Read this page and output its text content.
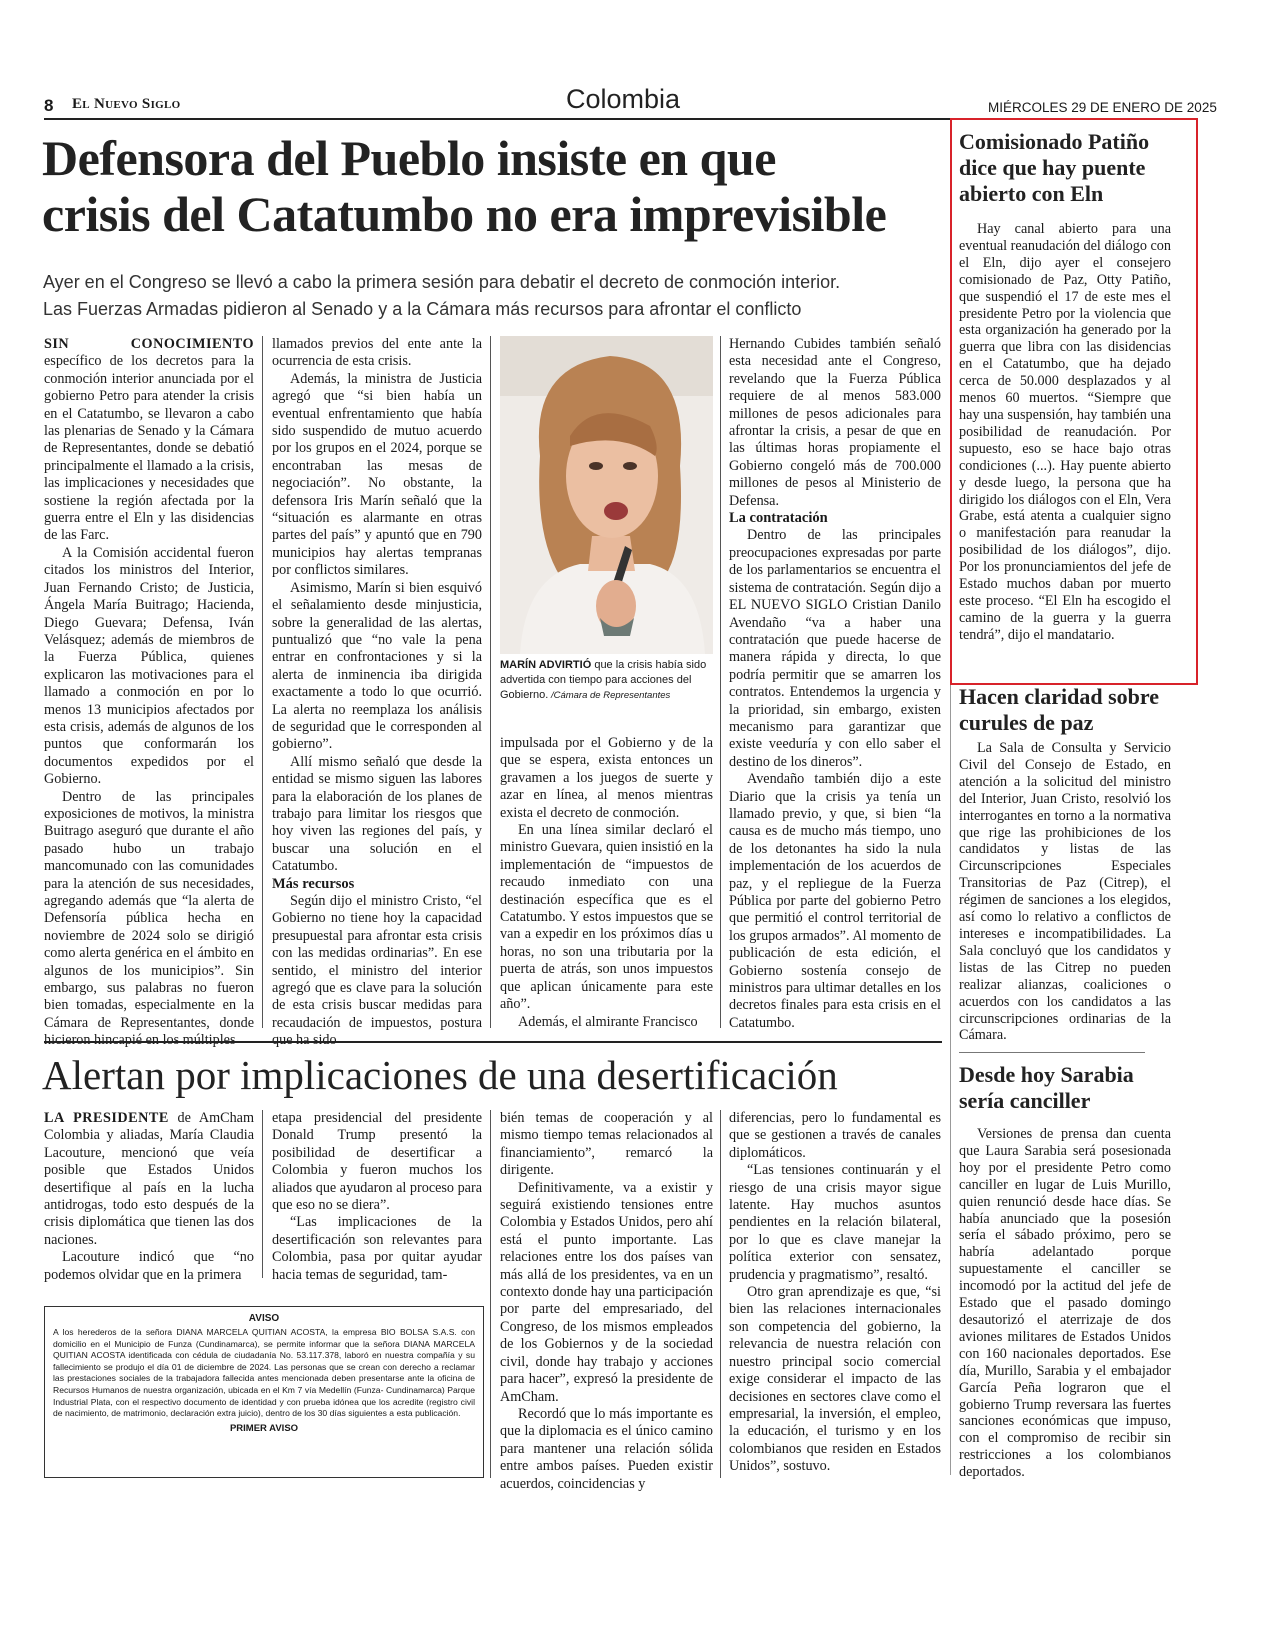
8 El Nuevo Siglo	Colombia	MIÉRCOLES 29 DE ENERO DE 2025
Defensora del Pueblo insiste en que
crisis del Catatumbo no era imprevisible
Ayer en el Congreso se llevó a cabo la primera sesión para debatir el decreto de conmoción interior.
Las Fuerzas Armadas pidieron al Senado y a la Cámara más recursos para afrontar el conflicto

SIN CONOCIMIENTO específico de los decretos para la conmoción interior anunciada por el gobierno Petro para atender la crisis en el Catatumbo, se llevaron a cabo las plenarias de Senado y la Cámara de Representantes, donde se debatió principalmente el llamado a la crisis, las implicaciones y necesidades que sostiene la región afectada por la guerra entre el Eln y las disidencias de las Farc.

A la Comisión accidental fueron citados los ministros del Interior, Juan Fernando Cristo; de Justicia, Ángela María Buitrago; Hacienda, Diego Guevara; Defensa, Iván Velásquez; además de miembros de la Fuerza Pública, quienes explicaron las motivaciones para el llamado a conmoción en por lo menos 13 municipios afectados por esta crisis, además de algunos de los puntos que conformarán los documentos expedidos por el Gobierno.

Dentro de las principales exposiciones de motivos, la ministra Buitrago aseguró que durante el año pasado hubo un trabajo mancomunado con las comunidades para la atención de sus necesidades, agregando además que “la alerta de Defensoría pública hecha en noviembre de 2024 solo se dirigió como alerta genérica en el ámbito en algunos de los municipios”. Sin embargo, sus palabras no fueron bien tomadas, especialmente en la Cámara de Representantes, donde

llamados previos del ente ante la ocurrencia de esta crisis.

Además, la ministra de Justicia agregó que “si bien había un eventual enfrentamiento que había sido suspendido de mutuo acuerdo por los grupos en el 2024, porque se encontraban las mesas de negociación”. No obstante, la defensora Iris Marín señaló que la “situación es alarmante en otras partes del país” y apuntó que en 790 municipios hay alertas tempranas por conflictos similares.

Asimismo, Marín si bien esquivó el señalamiento desde minjusticia, sobre la generalidad de las alertas, puntualizó que “no vale la pena entrar en confrontaciones y si la alerta de inminencia iba dirigida exactamente a todo lo que ocurrió. La alerta no reemplaza los análisis de seguridad que le corresponden al gobierno”.

Allí mismo señaló que desde la entidad se mismo siguen las labores para la elaboración de los planes de trabajo para limitar los riesgos que hoy viven las regiones del país, y buscar una solución en el Catatumbo.

Más recursos

Según dijo el ministro Cristo, “el Gobierno no tiene hoy la capacidad presupuestal para afrontar esta crisis con las medidas ordinarias”. En ese sentido, el ministro del interior agregó que es clave para la solución de esta crisis buscar medidas para recaudación de impuestos, postura

MARÍN ADVIRTIÓ que la crisis había sido advertida con tiempo para acciones del Gobierno. /Cámara de Representantes

impulsada por el Gobierno y de la que se espera, exista entonces un gravamen a los juegos de suerte y azar en línea, al menos mientras exista el decreto de conmoción.

En una línea similar declaró el ministro Guevara, quien insistió en la implementación de “impuestos de recaudo inmediato con una destinación específica que es el Catatumbo. Y estos impuestos que se van a expedir en los próximos días u horas, no son una tributaria por la puerta de atrás, son unos impuestos que aplican únicamente para este año”.

Además, el almirante Francisco

Hernando Cubides también señaló esta necesidad ante el Congreso, revelando que la Fuerza Pública requiere de al menos 583.000 millones de pesos adicionales para afrontar la crisis, a pesar de que en las últimas horas propiamente el Gobierno congeló más de 700.000 millones de pesos al Ministerio de Defensa.

La contratación

Dentro de las principales preocupaciones expresadas por parte de los parlamentarios se encuentra el sistema de contratación. Según dijo a EL NUEVO SIGLO Cristian Danilo Avendaño “va a haber una contratación que puede hacerse de manera rápida y directa, lo que podría permitir que se amarren los contratos. Entendemos la urgencia y la prioridad, sin embargo, existen mecanismo para garantizar que existe veeduría y con ello saber el destino de los dineros”.

Avendaño también dijo a este Diario que la crisis ya tenía un llamado previo, y que, si bien “la causa es de mucho más tiempo, uno de los detonantes ha sido la nula implementación de los acuerdos de paz, y el repliegue de la Fuerza Pública por parte del gobierno Petro que permitió el control territorial de los grupos armados”. Al momento de publicación de esta edición, el Gobierno sostenía consejo de ministros para ultimar detalles en los decretos finales para esta crisis en el Catatumbo.

Comisionado Patiño dice que hay puente abierto con Eln

Hay canal abierto para una eventual reanudación del diálogo con el Eln, dijo ayer el consejero comisionado de Paz, Otty Patiño, que suspendió el 17 de este mes el presidente Petro por la violencia que esta organización ha generado por la guerra que libra con las disidencias en el Catatumbo, que ha dejado cerca de 50.000 desplazados y al menos 60 muertos. “Siempre que hay una suspensión, hay también una posibilidad de reanudación. Por supuesto, eso se hace bajo otras condiciones (...). Hay puente abierto y desde luego, la persona que ha dirigido los diálogos con el Eln, Vera Grabe, está atenta a cualquier signo o manifestación para reanudar la posibilidad de los diálogos”, dijo. Por los pronunciamientos del jefe de Estado muchos daban por muerto este proceso. “El Eln ha escogido el camino de la guerra y la guerra tendrá”, dijo el mandatario.

Hacen claridad sobre curules de paz

La Sala de Consulta y Servicio Civil del Consejo de Estado, en atención a la solicitud del ministro del Interior, Juan Cristo, resolvió los interrogantes en torno a la normativa que rige las prohibiciones de los candidatos y listas de las Circunscripciones Especiales Transitorias de Paz (Citrep), el régimen de sanciones a los elegidos, así como lo relativo a conflictos de intereses e incompatibilidades. La Sala concluyó que los candidatos y listas de las Citrep no pueden realizar alianzas, coaliciones o acuerdos con los candidatos a las circunscripciones ordinarias de la Cámara.

Desde hoy Sarabia sería canciller

Versiones de prensa dan cuenta que Laura Sarabia será posesionada hoy por el presidente Petro como canciller en lugar de Luis Murillo, quien renunció desde hace días. Se había anunciado que la posesión sería el sábado próximo, pero se habría adelantado porque supuestamente el canciller se incomodó por la actitud del jefe de Estado que el pasado domingo desautorizó el aterrizaje de dos aviones militares de Estados Unidos con 160 nacionales deportados. Ese día, Murillo, Sarabia y el embajador García Peña lograron que el gobierno Trump reversara las fuertes sanciones económicas que impuso, con el compromiso de recibir sin restricciones a los colombianos deportados.

Alertan por implicaciones de una desertificación

LA PRESIDENTE de AmCham Colombia y aliadas, María Claudia Lacouture, mencionó que veía posible que Estados Unidos desertifique al país en la lucha antidrogas, todo esto después de la crisis diplomática que tienen las dos naciones.

Lacouture indicó que “no podemos olvidar que en la primera

etapa presidencial del presidente Donald Trump presentó la posibilidad de desertificar a Colombia y fueron muchos los aliados que ayudaron al proceso para que eso no se diera”.

“Las implicaciones de la desertificación son relevantes para Colombia, pasa por quitar ayudar hacia temas de seguridad, tam-

bién temas de cooperación y al mismo tiempo temas relacionados al financiamiento”, remarcó la dirigente.

Definitivamente, va a existir y seguirá existiendo tensiones entre Colombia y Estados Unidos, pero ahí está el punto importante. Las relaciones entre los dos países van más allá de los presidentes, va en un contexto donde hay una participación por parte del empresariado, del Congreso, de los mismos empleados de los Gobiernos y de la sociedad civil, donde hay trabajo y acciones para hacer”, expresó la presidente de AmCham.

Recordó que lo más importante es que la diplomacia es el único camino para mantener una relación sólida entre ambos países. Pueden existir acuerdos, coincidencias y

diferencias, pero lo fundamental es que se gestionen a través de canales diplomáticos.

“Las tensiones continuarán y el riesgo de una crisis mayor sigue latente. Hay muchos asuntos pendientes en la relación bilateral, por lo que es clave manejar la política exterior con sensatez, prudencia y pragmatismo”, resaltó.

Otro gran aprendizaje es que, “si bien las relaciones internacionales son competencia del gobierno, la relevancia de nuestra relación con nuestro principal socio comercial exige considerar el impacto de las decisiones en sectores clave como el empresarial, la inversión, el empleo, la educación, el turismo y en los colombianos que residen en Estados Unidos”, sostuvo.

AVISO
A los herederos de la señora DIANA MARCELA QUITIAN ACOSTA, la empresa BIO BOLSA S.A.S. con domicilio en el Municipio de Funza (Cundinamarca), se permite informar que la señora DIANA MARCELA QUITIAN ACOSTA identificada con cédula de ciudadanía No. 53.117.378, laboró en nuestra compañía y su fallecimiento se produjo el día 01 de diciembre de 2024. Las personas que se crean con derecho a reclamar las prestaciones sociales de la trabajadora fallecida antes mencionada deben presentarse ante la oficina de Recursos Humanos de nuestra organización, ubicada en el Km 7 vía Medellín (Funza- Cundinamarca) Parque Industrial Plata, con el respectivo documento de identidad y con prueba idónea que los acredite (registro civil de nacimiento, de matrimonio, declaración extra juicio), dentro de los 30 días siguientes a esta publicación.
PRIMER AVISO
